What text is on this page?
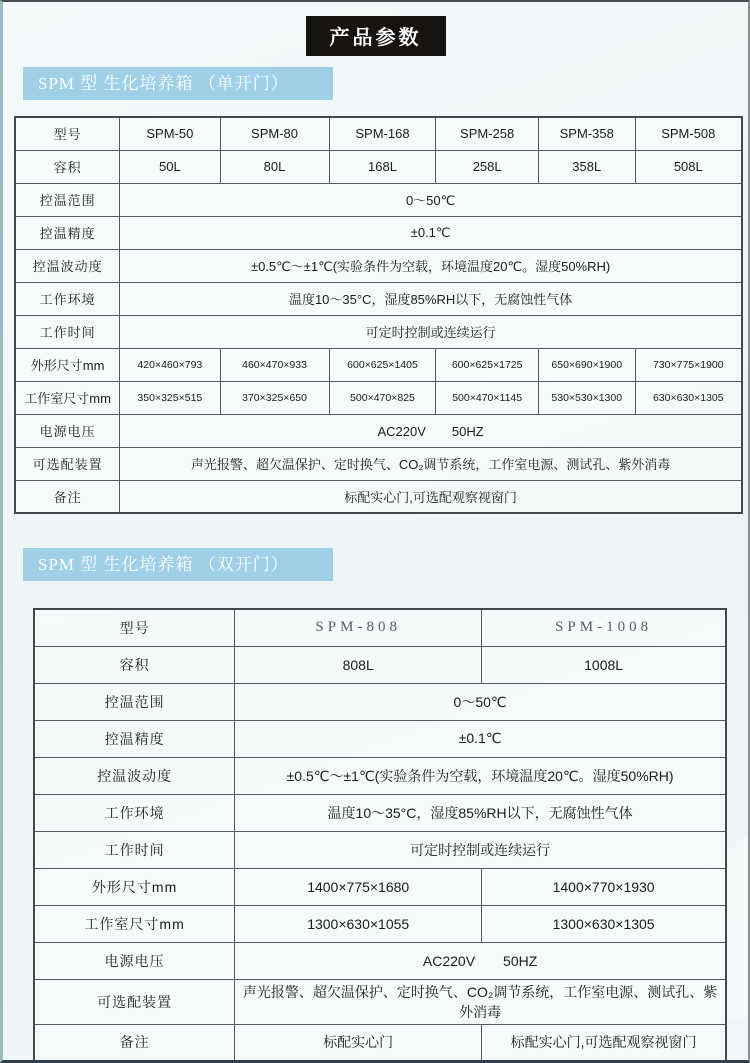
产品参数
SPM 型 生化培养箱 （单开门）
型号	SPM-50	SPM-80	SPM-168	SPM-258	SPM-358	SPM-508
容积	50L	80L	168L	258L	358L	508L
控温范围	0～50℃					
控温精度	±0.1℃					
控温波动度	±0.5℃～±1℃(实验条件为空载，环境温度20℃。湿度50%RH)					
工作环境	温度10～35°C，湿度85%RH以下，无腐蚀性气体					
工作时间	可定时控制或连续运行					
外形尺寸mm	420×460×793	460×470×933	600×625×1405	600×625×1725	650×690×1900	730×775×1900
工作室尺寸mm	350×325×515	370×325×650	500×470×825	500×470×1145	530×530×1300	630×630×1305
电源电压	AC220V　　50HZ					
可选配装置	声光报警、超欠温保护、定时换气、CO₂调节系统，工作室电源、测试孔、紫外消毒					
备注	标配实心门,可选配观察视窗门					
SPM 型 生化培养箱 （双开门）
型号	SPM-808	SPM-1008
容积	808L	1008L
控温范围	0～50℃	
控温精度	±0.1℃	
控温波动度	±0.5℃～±1℃(实验条件为空载，环境温度20℃。湿度50%RH)	
工作环境	温度10～35°C，湿度85%RH以下，无腐蚀性气体	
工作时间	可定时控制或连续运行	
外形尺寸mm	1400×775×1680	1400×770×1930
工作室尺寸mm	1300×630×1055	1300×630×1305
电源电压	AC220V　　50HZ	
可选配装置	声光报警、超欠温保护、定时换气、CO₂调节系统，工作室电源、测试孔、紫外消毒	
备注	标配实心门	标配实心门,可选配观察视窗门
